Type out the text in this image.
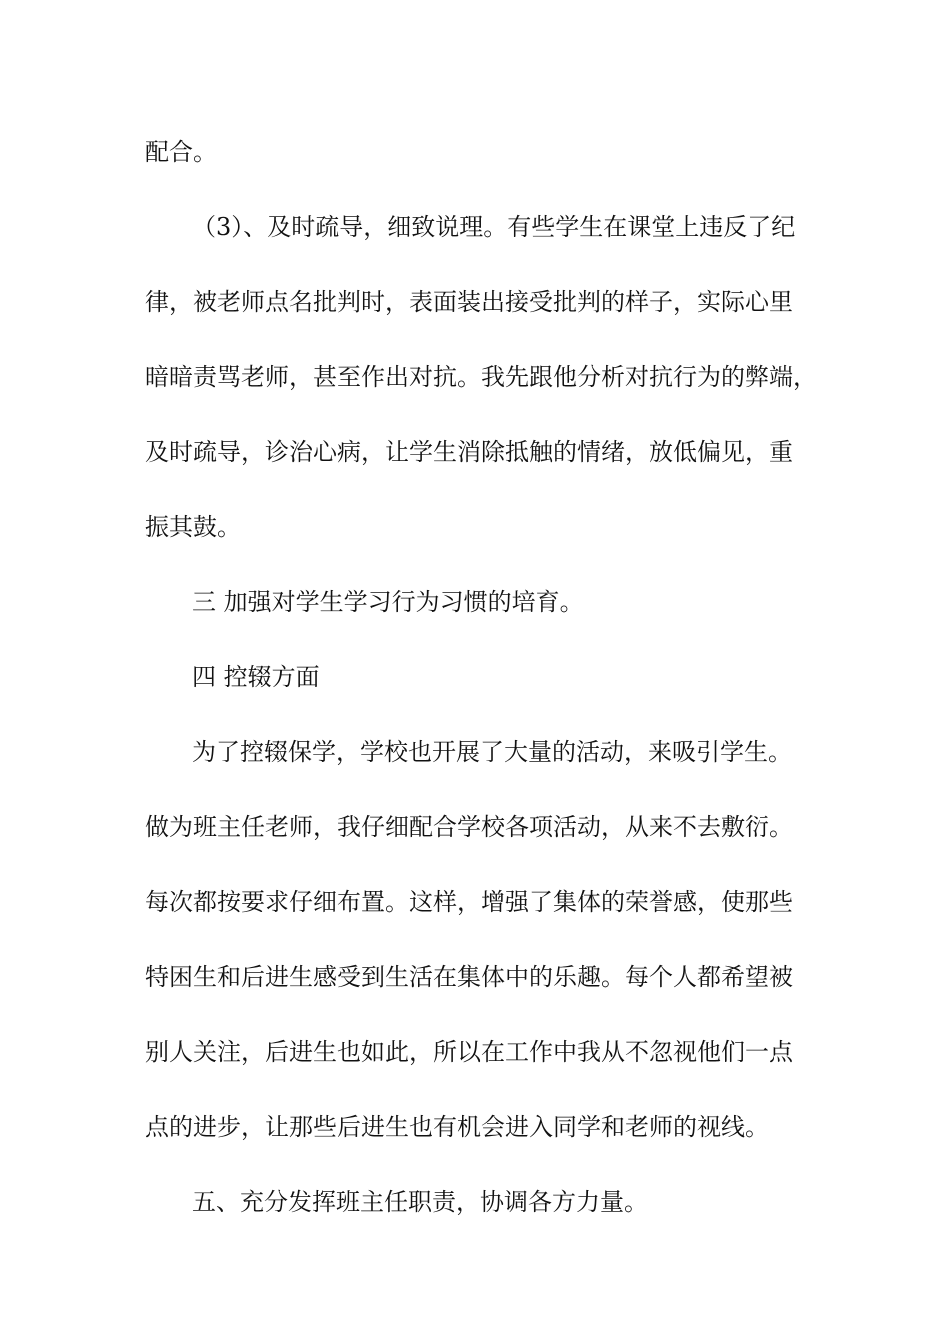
配合。
（3）、及时疏导，细致说理。有些学生在课堂上违反了纪
律，被老师点名批判时，表面装出接受批判的样子，实际心里
暗暗责骂老师，甚至作出对抗。我先跟他分析对抗行为的弊端，
及时疏导，诊治心病，让学生消除抵触的情绪，放低偏见，重
振其鼓。
三 加强对学生学习行为习惯的培育。
四 控辍方面
为了控辍保学，学校也开展了大量的活动，来吸引学生。
做为班主任老师，我仔细配合学校各项活动，从来不去敷衍。
每次都按要求仔细布置。这样，增强了集体的荣誉感，使那些
特困生和后进生感受到生活在集体中的乐趣。每个人都希望被
别人关注，后进生也如此，所以在工作中我从不忽视他们一点
点的进步，让那些后进生也有机会进入同学和老师的视线。
五、充分发挥班主任职责，协调各方力量。
